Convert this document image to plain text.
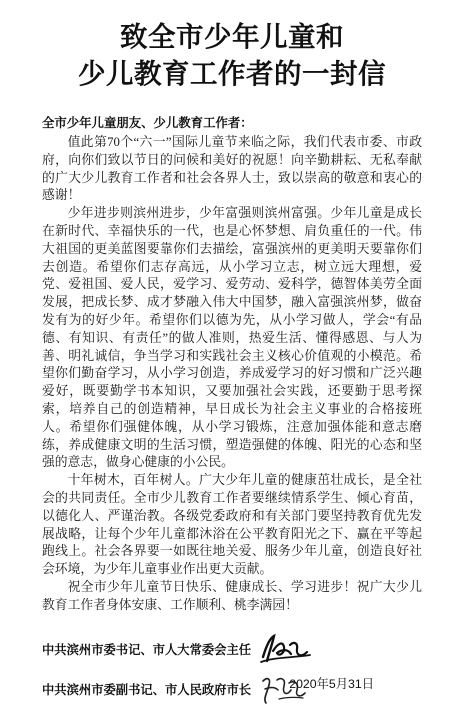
致全市少年儿童和
少儿教育工作者的一封信
全市少年儿童朋友、少儿教育工作者：

值此第70个“六一”国际儿童节来临之际，我们代表市委、市政府，向你们致以节日的问候和美好的祝愿！向辛勤耕耘、无私奉献的广大少儿教育工作者和社会各界人士，致以崇高的敬意和衷心的感谢！

少年进步则滨州进步，少年富强则滨州富强。少年儿童是成长在新时代、幸福快乐的一代，也是心怀梦想、肩负重任的一代。伟大祖国的更美蓝图要靠你们去描绘，富强滨州的更美明天要靠你们去创造。希望你们志存高远，从小学习立志，树立远大理想，爱党、爱祖国、爱人民，爱学习、爱劳动、爱科学，德智体美劳全面发展，把成长梦、成才梦融入伟大中国梦，融入富强滨州梦，做奋发有为的好少年。希望你们以德为先，从小学习做人，学会“有品德、有知识、有责任”的做人准则，热爱生活、懂得感恩、与人为善、明礼诚信，争当学习和实践社会主义核心价值观的小模范。希望你们勤奋学习，从小学习创造，养成爱学习的好习惯和广泛兴趣爱好，既要勤学书本知识，又要加强社会实践，还要勤于思考探索，培养自己的创造精神，早日成长为社会主义事业的合格接班人。希望你们强健体魄，从小学习锻炼，注意加强体能和意志磨练，养成健康文明的生活习惯，塑造强健的体魄、阳光的心态和坚强的意志，做身心健康的小公民。

十年树木，百年树人。广大少年儿童的健康茁壮成长，是全社会的共同责任。全市少儿教育工作者要继续情系学生、倾心育苗，以德化人、严谨治教。各级党委政府和有关部门要坚持教育优先发展战略，让每个少年儿童都沐浴在公平教育阳光之下、赢在平等起跑线上。社会各界要一如既往地关爱、服务少年儿童，创造良好社会环境，为少年儿童事业作出更大贡献。

祝全市少年儿童节日快乐、健康成长、学习进步！祝广大少儿教育工作者身体安康、工作顺利、桃李满园！

中共滨州市委书记、市人大常委会主任
中共滨州市委副书记、市人民政府市长	2020年5月31日
